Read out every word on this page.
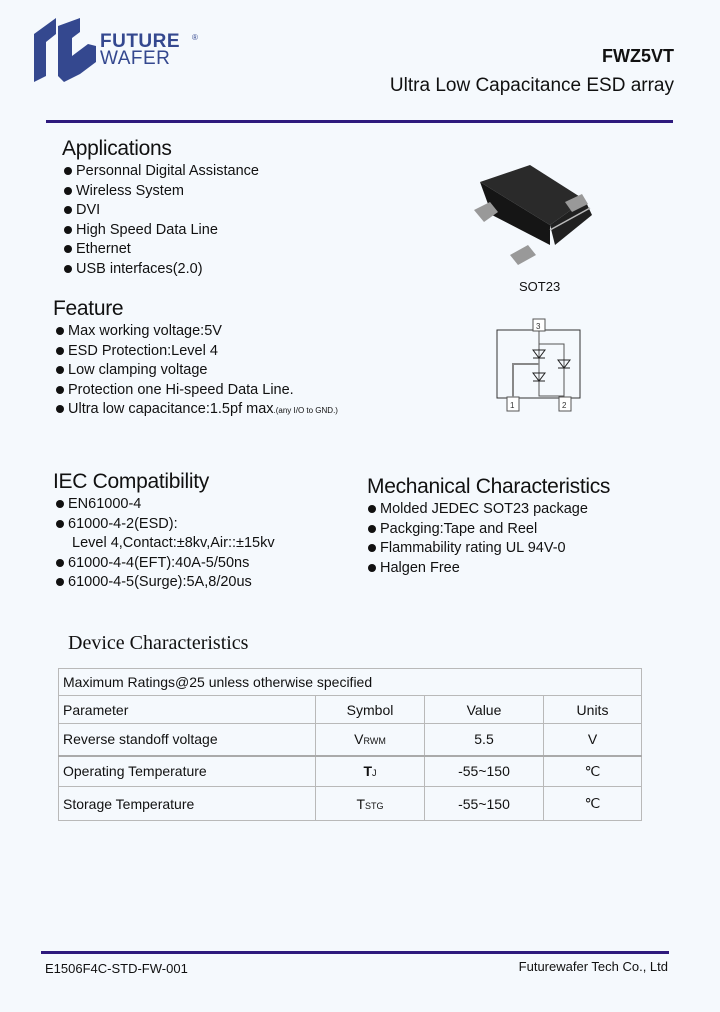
FUTURE ®
WAFER	FWZ5VT
Ultra Low Capacitance ESD array
Applications
Personnal Digital Assistance
Wireless System
DVI
High Speed Data Line
Ethernet
USB interfaces(2.0)
SOT23
3
1	2
Feature
Max working voltage:5V
ESD Protection:Level 4
Low clamping voltage
Protection one Hi-speed Data Line.
Ultra low capacitance:1.5pf max.(any I/O to GND.)
IEC Compatibility
EN61000-4
61000-4-2(ESD):
Level 4,Contact:±8kv,Air::±15kv
61000-4-4(EFT):40A-5/50ns
61000-4-5(Surge):5A,8/20us
Mechanical Characteristics
Molded JEDEC SOT23 package
Packging:Tape and Reel
Flammability rating UL 94V-0
Halgen Free
Device Characteristics
Maximum Ratings@25 unless otherwise specified			
Parameter	Symbol	Value	Units
Reverse standoff voltage	VRWM	5.5	V
Operating Temperature	TJ	-55~150	℃
Storage Temperature	TSTG	-55~150	℃
E1506F4C-STD-FW-001	Futurewafer Tech Co., Ltd
